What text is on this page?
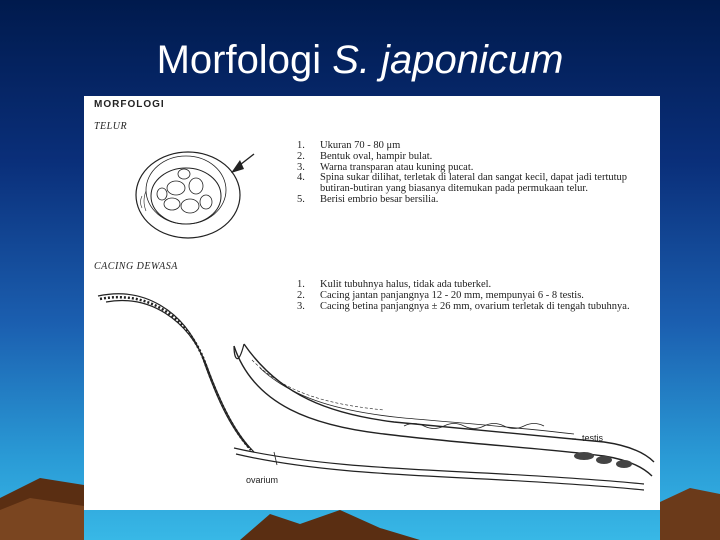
Morfologi S. japonicum
MORFOLOGI
TELUR
1. Ukuran 70 - 80 μm
2. Bentuk oval, hampir bulat.
3. Warna transparan atau kuning pucat.
4. Spina sukar dilihat, terletak di lateral dan sangat kecil, dapat jadi tertutup butiran-butiran yang biasanya ditemukan pada permukaan telur.
5. Berisi embrio besar bersilia.
CACING DEWASA
1. Kulit tubuhnya halus, tidak ada tuberkel.
2. Cacing jantan panjangnya 12 - 20 mm, mempunyai 6 - 8 testis.
3. Cacing betina panjangnya ± 26 mm, ovarium terletak di tengah tubuhnya.
testis
ovarium
